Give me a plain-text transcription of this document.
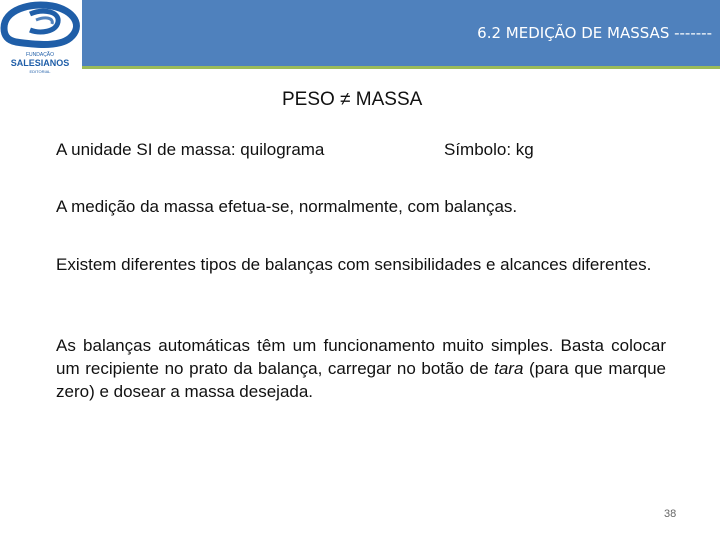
6.2 MEDIÇÃO DE MASSAS -------
FUNDAÇÃO
SALESIANOS
EDITORIAL
PESO ≠ MASSA
A unidade SI de massa: quilograma	Símbolo: kg
A medição da massa efetua-se, normalmente, com balanças.
Existem diferentes tipos de balanças com sensibilidades e alcances diferentes.
As balanças automáticas têm um funcionamento muito simples. Basta colocar um recipiente no prato da balança, carregar no botão de tara (para que marque zero) e dosear a massa desejada.
38
